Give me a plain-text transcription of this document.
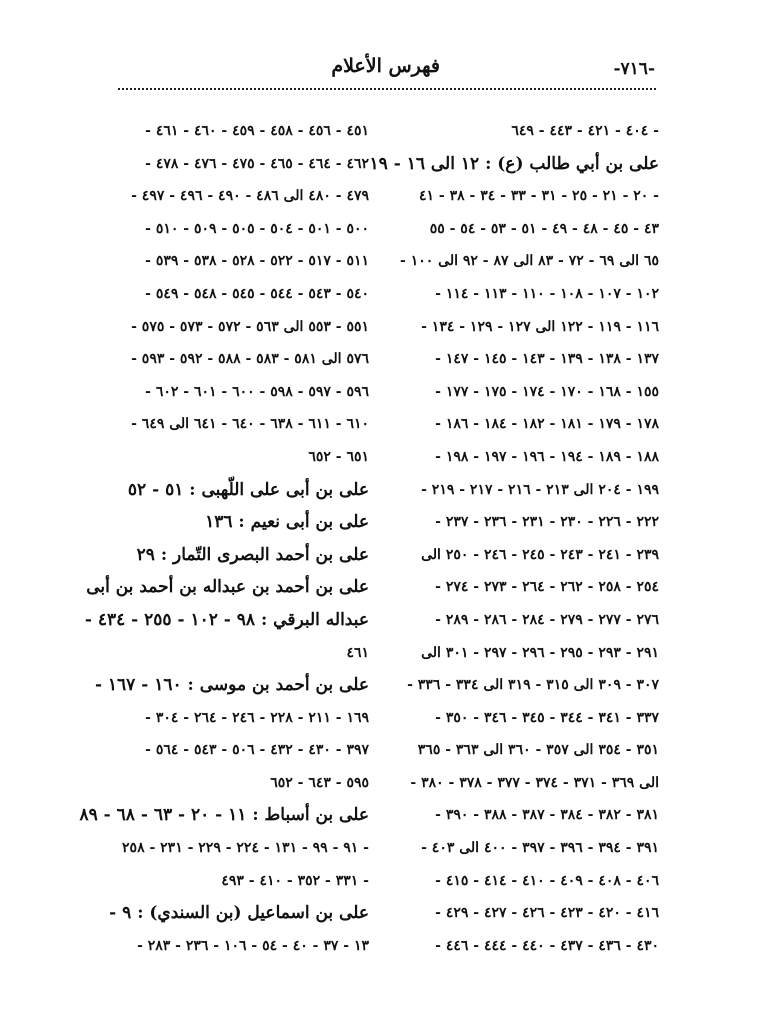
-٧١٦-
فهرس الأعلام
- ٤٠٤ - ٤٢١ - ٤٤٣ - ٦٤٩
على بن أبي طالب (ع) : ١٢ الى ١٦ - ١٩
- ٢٠ - ٢١ - ٢٥ - ٣١ - ٣٣ - ٣٤ - ٣٨ - ٤١
٤٣ - ٤٥ - ٤٨ - ٤٩ - ٥١ - ٥٣ - ٥٤ - ٥٥
٦٥ الى ٦٩ - ٧٢ - ٨٣ الى ٨٧ - ٩٢ الى ١٠٠ -
١٠٢ - ١٠٧ - ١٠٨ - ١١٠ - ١١٣ - ١١٤ -
١١٦ - ١١٩ - ١٢٢ الى ١٢٧ - ١٢٩ - ١٣٤ -
١٣٧ - ١٣٨ - ١٣٩ - ١٤٣ - ١٤٥ - ١٤٧ -
١٥٥ - ١٦٨ - ١٧٠ - ١٧٤ - ١٧٥ - ١٧٧ -
١٧٨ - ١٧٩ - ١٨١ - ١٨٢ - ١٨٤ - ١٨٦ -
١٨٨ - ١٨٩ - ١٩٤ - ١٩٦ - ١٩٧ - ١٩٨ -
١٩٩ - ٢٠٤ الى ٢١٣ - ٢١٦ - ٢١٧ - ٢١٩ -
٢٢٢ - ٢٢٦ - ٢٣٠ - ٢٣١ - ٢٣٦ - ٢٣٧ -
٢٣٩ - ٢٤١ - ٢٤٣ - ٢٤٥ - ٢٤٦ - ٢٥٠ الى
٢٥٤ - ٢٥٨ - ٢٦٢ - ٢٦٤ - ٢٧٣ - ٢٧٤ -
٢٧٦ - ٢٧٧ - ٢٧٩ - ٢٨٤ - ٢٨٦ - ٢٨٩ -
٢٩١ - ٢٩٣ - ٢٩٥ - ٢٩٦ - ٢٩٧ - ٣٠١ الى
٣٠٧ - ٣٠٩ الى ٣١٥ - ٣١٩ الى ٣٣٤ - ٣٣٦ -
٣٣٧ - ٣٤١ - ٣٤٤ - ٣٤٥ - ٣٤٦ - ٣٥٠ -
٣٥١ - ٣٥٤ الى ٣٥٧ - ٣٦٠ الى ٣٦٣ - ٣٦٥
الى ٣٦٩ - ٣٧١ - ٣٧٤ - ٣٧٧ - ٣٧٨ - ٣٨٠ -
٣٨١ - ٣٨٢ - ٣٨٤ - ٣٨٧ - ٣٨٨ - ٣٩٠ -
٣٩١ - ٣٩٤ - ٣٩٦ - ٣٩٧ - ٤٠٠ الى ٤٠٣ -
٤٠٦ - ٤٠٨ - ٤٠٩ - ٤١٠ - ٤١٤ - ٤١٥ -
٤١٦ - ٤٢٠ - ٤٢٣ - ٤٢٦ - ٤٢٧ - ٤٢٩ -
٤٣٠ - ٤٣٦ - ٤٣٧ - ٤٤٠ - ٤٤٤ - ٤٤٦ -
٤٥١ - ٤٥٦ - ٤٥٨ - ٤٥٩ - ٤٦٠ - ٤٦١ -
٤٦٢ - ٤٦٤ - ٤٦٥ - ٤٧٥ - ٤٧٦ - ٤٧٨ -
٤٧٩ - ٤٨٠ الى ٤٨٦ - ٤٩٠ - ٤٩٦ - ٤٩٧ -
٥٠٠ - ٥٠١ - ٥٠٤ - ٥٠٥ - ٥٠٩ - ٥١٠ -
٥١١ - ٥١٧ - ٥٢٢ - ٥٢٨ - ٥٣٨ - ٥٣٩ -
٥٤٠ - ٥٤٣ - ٥٤٤ - ٥٤٥ - ٥٤٨ - ٥٤٩ -
٥٥١ - ٥٥٣ الى ٥٦٣ - ٥٧٢ - ٥٧٣ - ٥٧٥ -
٥٧٦ الى ٥٨١ - ٥٨٣ - ٥٨٨ - ٥٩٢ - ٥٩٣ -
٥٩٦ - ٥٩٧ - ٥٩٨ - ٦٠٠ - ٦٠١ - ٦٠٢ -
٦١٠ - ٦١١ - ٦٣٨ - ٦٤٠ - ٦٤١ الى ٦٤٩ -
٦٥١ - ٦٥٢
على بن أبى على اللّهبى : ٥١ - ٥٢
على بن أبى نعيم : ١٣٦
على بن أحمد البصرى التّمار : ٢٩
على بن أحمد بن عبداله بن أحمد بن أبى
عبداله البرقي : ٩٨ - ١٠٢ - ٢٥٥ - ٤٣٤ -
٤٦١
على بن أحمد بن موسى : ١٦٠ - ١٦٧ -
١٦٩ - ٢١١ - ٢٢٨ - ٢٤٦ - ٢٦٤ - ٣٠٤ -
٣٩٧ - ٤٣٠ - ٤٣٢ - ٥٠٦ - ٥٤٣ - ٥٦٤ -
٥٩٥ - ٦٤٣ - ٦٥٢
على بن أسباط : ١١ - ٢٠ - ٦٣ - ٦٨ - ٨٩
- ٩١ - ٩٩ - ١٣١ - ٢٢٤ - ٢٢٩ - ٢٣١ - ٢٥٨
- ٣٣١ - ٣٥٢ - ٤١٠ - ٤٩٣
على بن اسماعيل (بن السندي) : ٩ -
١٣ - ٣٧ - ٤٠ - ٥٤ - ١٠٦ - ٢٣٦ - ٢٨٣ -
